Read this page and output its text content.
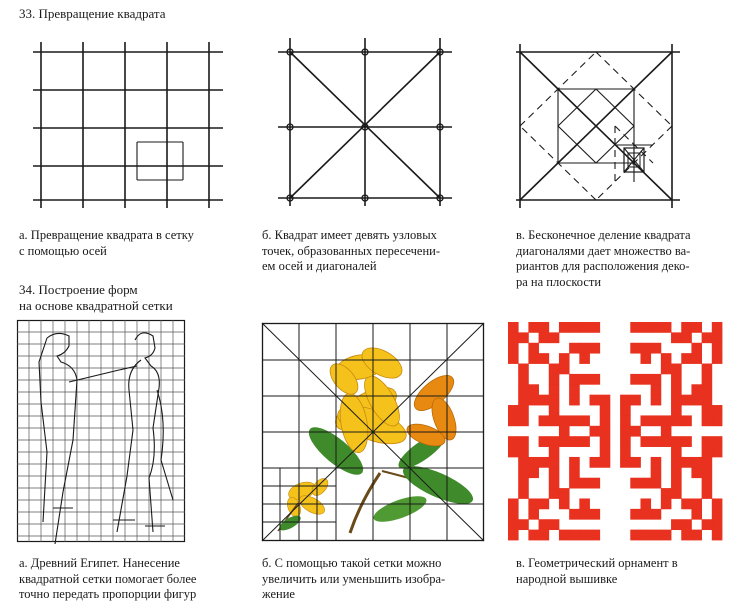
33. Превращение квадрата
а. Превращение квадрата в сетку
с помощью осей
б. Квадрат имеет девять узловых
точек, образованных пересечени-
ем осей и диагоналей
в. Бесконечное деление квадрата
диагоналями дает множество ва-
риантов для расположения деко-
ра на плоскости
34. Построение форм
на основе квадратной сетки
а. Древний Египет. Нанесение
квадратной сетки помогает более
точно передать пропорции фигур
б. С помощью такой сетки можно
увеличить или уменьшить изобра-
жение
в. Геометрический орнамент в
народной вышивке
